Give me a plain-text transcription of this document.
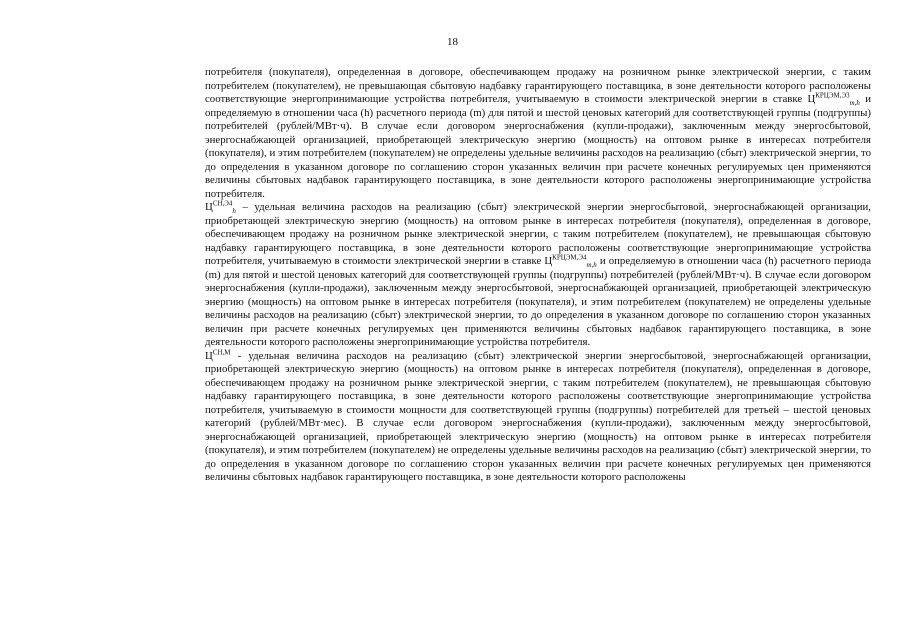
18

потребителя (покупателя), определенная в договоре, обеспечивающем продажу на розничном рынке электрической энергии, с таким потребителем (покупателем), не превышающая сбытовую надбавку гарантирующего поставщика, в зоне деятельности которого расположены соответствующие энергопринимающие устройства потребителя, учитываемую в стоимости электрической энергии в ставке $Ц^{КРЦЭМ,Э3}_{m,h}$ и определяемую в отношении часа (h) расчетного периода (m) для пятой и шестой ценовых категорий для соответствующей группы (подгруппы) потребителей (рублей/МВт·ч). В случае если договором энергоснабжения (купли-продажи), заключенным между энергосбытовой, энергоснабжающей организацией, приобретающей электрическую энергию (мощность) на оптовом рынке в интересах потребителя (покупателя), и этим потребителем (покупателем) не определены удельные величины расходов на реализацию (сбыт) электрической энергии, то до определения в указанном договоре по соглашению сторон указанных величин при расчете конечных регулируемых цен применяются величины сбытовых надбавок гарантирующего поставщика, в зоне деятельности которого расположены энергопринимающие устройства потребителя.

$Ц^{СН,Э4}_h$ – удельная величина расходов на реализацию (сбыт) электрической энергии энергосбытовой, энергоснабжающей организации, приобретающей электрическую энергию (мощность) на оптовом рынке в интересах потребителя (покупателя), определенная в договоре, обеспечивающем продажу на розничном рынке электрической энергии, с таким потребителем (покупателем), не превышающая сбытовую надбавку гарантирующего поставщика, в зоне деятельности которого расположены соответствующие энергопринимающие устройства потребителя, учитываемую в стоимости электрической энергии в ставке $Ц^{КРЦЭМ,Э4}_{m,h}$ и определяемую в отношении часа (h) расчетного периода (m) для пятой и шестой ценовых категорий для соответствующей группы (подгруппы) потребителей (рублей/МВт·ч). В случае если договором энергоснабжения (купли-продажи), заключенным между энергосбытовой, энергоснабжающей организацией, приобретающей электрическую энергию (мощность) на оптовом рынке в интересах потребителя (покупателя), и этим потребителем (покупателем) не определены удельные величины расходов на реализацию (сбыт) электрической энергии, то до определения в указанном договоре по соглашению сторон указанных величин при расчете конечных регулируемых цен применяются величины сбытовых надбавок гарантирующего поставщика, в зоне деятельности которого расположены энергопринимающие устройства потребителя.

$Ц^{СН,М}$ - удельная величина расходов на реализацию (сбыт) электрической энергии энергосбытовой, энергоснабжающей организации, приобретающей электрическую энергию (мощность) на оптовом рынке в интересах потребителя (покупателя), определенная в договоре, обеспечивающем продажу на розничном рынке электрической энергии, с таким потребителем (покупателем), не превышающая сбытовую надбавку гарантирующего поставщика, в зоне деятельности которого расположены соответствующие энергопринимающие устройства потребителя, учитываемую в стоимости мощности для соответствующей группы (подгруппы) потребителей для третьей – шестой ценовых категорий (рублей/МВт·мес). В случае если договором энергоснабжения (купли-продажи), заключенным между энергосбытовой, энергоснабжающей организацией, приобретающей электрическую энергию (мощность) на оптовом рынке в интересах потребителя (покупателя), и этим потребителем (покупателем) не определены удельные величины расходов на реализацию (сбыт) электрической энергии, то до определения в указанном договоре по соглашению сторон указанных величин при расчете конечных регулируемых цен применяются величины сбытовых надбавок гарантирующего поставщика, в зоне деятельности которого расположены
